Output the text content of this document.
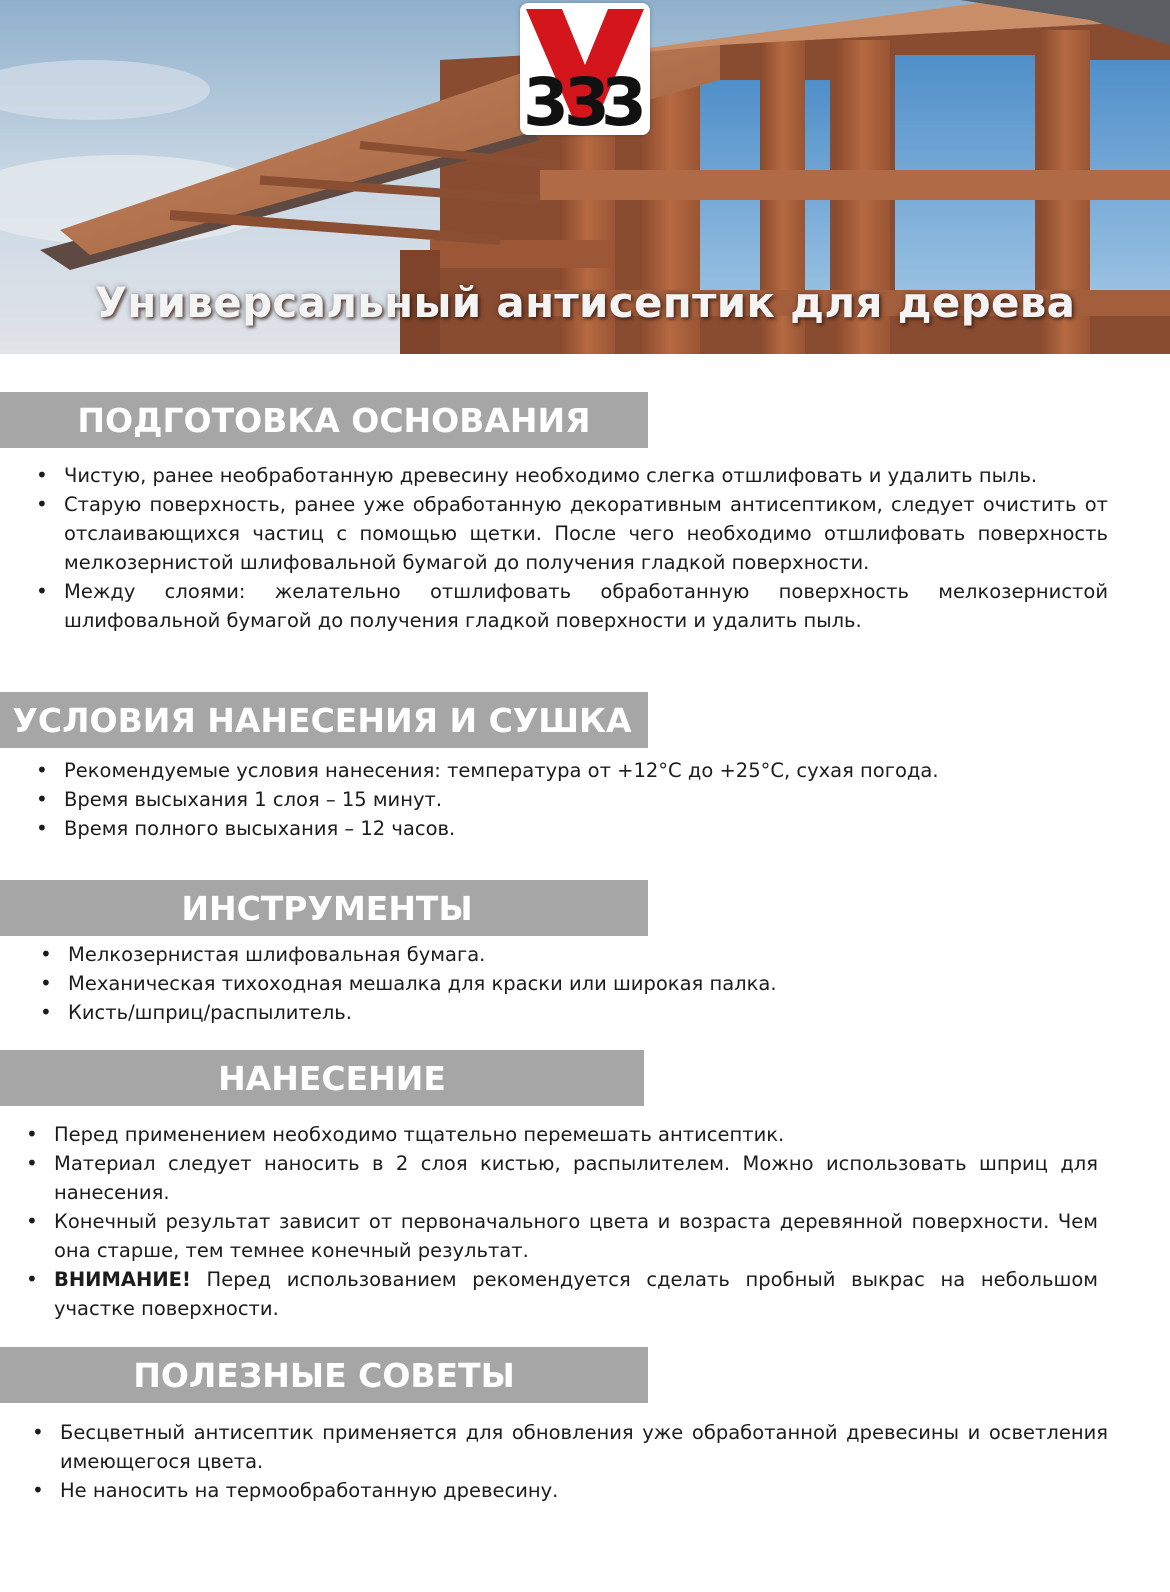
3
3 3
Универсальный антисептик для дерева
ПОДГОТОВКА ОСНОВАНИЯ
• Чистую, ранее необработанную древесину необходимо слегка отшлифовать и удалить пыль.
• Старую поверхность, ранее уже обработанную декоративным антисептиком, следует очистить от отслаивающихся частиц с помощью щетки. После чего необходимо отшлифовать поверхность мелкозернистой шлифовальной бумагой до получения гладкой поверхности.
• Между слоями: желательно отшлифовать обработанную поверхность мелкозернистой шлифовальной бумагой до получения гладкой поверхности и удалить пыль.
УСЛОВИЯ НАНЕСЕНИЯ И СУШКА
• Рекомендуемые условия нанесения: температура от +12°С до +25°С, сухая погода.
• Время высыхания 1 слоя – 15 минут.
• Время полного высыхания – 12 часов.
ИНСТРУМЕНТЫ
• Мелкозернистая шлифовальная бумага.
• Механическая тихоходная мешалка для краски или широкая палка.
• Кисть/шприц/распылитель.
НАНЕСЕНИЕ
• Перед применением необходимо тщательно перемешать антисептик.
• Материал следует наносить в 2 слоя кистью, распылителем. Можно использовать шприц для нанесения.
• Конечный результат зависит от первоначального цвета и возраста деревянной поверхности. Чем она старше, тем темнее конечный результат.
• ВНИМАНИЕ! Перед использованием рекомендуется сделать пробный выкрас на небольшом участке поверхности.
ПОЛЕЗНЫЕ СОВЕТЫ
• Бесцветный антисептик применяется для обновления уже обработанной древесины и осветления имеющегося цвета.
• Не наносить на термообработанную древесину.
